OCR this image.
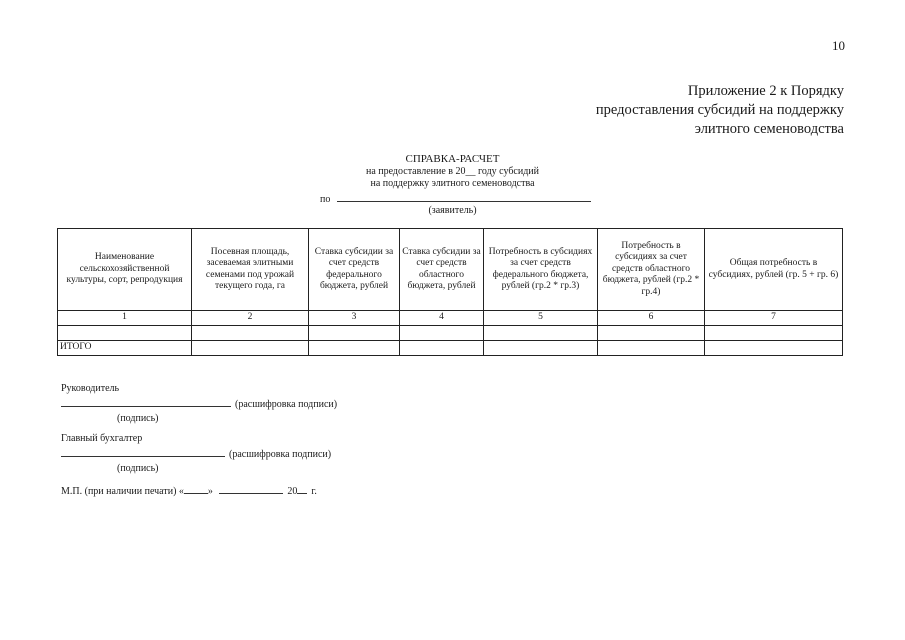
10
Приложение 2 к Порядку
предоставления субсидий на поддержку
элитного семеноводства
СПРАВКА-РАСЧЕТ
на предоставление в 20__ году субсидий
на поддержку элитного семеноводства
по
(заявитель)
Наименование сельскохозяйственной культуры, сорт, репродукция	Посевная площадь, засеваемая элитными семенами под урожай текущего года, га	Ставка субсидии за счет средств федерального бюджета, рублей	Ставка субсидии за счет средств областного бюджета, рублей	Потребность в субсидиях за счет средств федерального бюджета, рублей (гр.2 * гр.3)	Потребность в субсидиях за счет средств областного бюджета, рублей (гр.2 * гр.4)	Общая потребность в субсидиях, рублей (гр. 5 + гр. 6)
1	2	3	4	5	6	7

ИТОГО						
Руководитель
(расшифровка подписи)
(подпись)
Главный бухгалтер
(расшифровка подписи)
(подпись)
М.П. (при наличии печати) « »	20 г.
